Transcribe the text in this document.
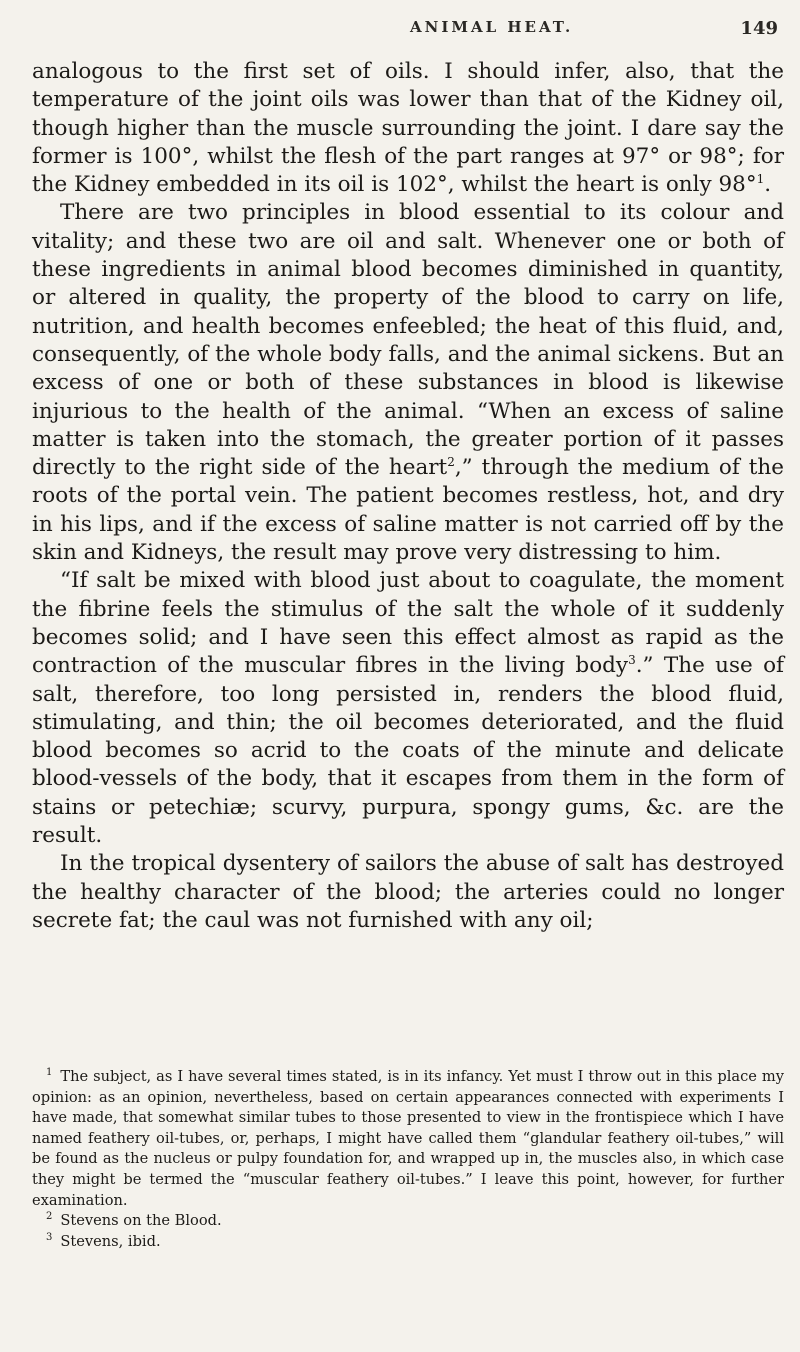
ANIMAL HEAT.	149

analogous to the first set of oils. I should infer, also, that the temperature of the joint oils was lower than that of the Kidney oil, though higher than the muscle surrounding the joint. I dare say the former is 100°, whilst the flesh of the part ranges at 97° or 98°; for the Kidney embedded in its oil is 102°, whilst the heart is only 98°$^1$.

There are two principles in blood essential to its colour and vitality; and these two are oil and salt. Whenever one or both of these ingredients in animal blood becomes diminished in quantity, or altered in quality, the property of the blood to carry on life, nutrition, and health becomes enfeebled; the heat of this fluid, and, consequently, of the whole body falls, and the animal sickens. But an excess of one or both of these substances in blood is likewise injurious to the health of the animal. “When an excess of saline matter is taken into the stomach, the greater portion of it passes directly to the right side of the heart$^2$,” through the medium of the roots of the portal vein. The patient becomes restless, hot, and dry in his lips, and if the excess of saline matter is not carried off by the skin and Kidneys, the result may prove very distressing to him.

“If salt be mixed with blood just about to coagulate, the moment the fibrine feels the stimulus of the salt the whole of it suddenly becomes solid; and I have seen this effect almost as rapid as the contraction of the muscular fibres in the living body$^3$.” The use of salt, therefore, too long persisted in, renders the blood fluid, stimulating, and thin; the oil becomes deteriorated, and the fluid blood becomes so acrid to the coats of the minute and delicate blood-vessels of the body, that it escapes from them in the form of stains or petechiæ; scurvy, purpura, spongy gums, &c. are the result.

In the tropical dysentery of sailors the abuse of salt has destroyed the healthy character of the blood; the arteries could no longer secrete fat; the caul was not furnished with any oil;

$^1$ The subject, as I have several times stated, is in its infancy. Yet must I throw out in this place my opinion: as an opinion, nevertheless, based on certain appearances connected with experiments I have made, that somewhat similar tubes to those presented to view in the frontispiece which I have named feathery oil-tubes, or, perhaps, I might have called them “glandular feathery oil-tubes,” will be found as the nucleus or pulpy foundation for, and wrapped up in, the muscles also, in which case they might be termed the “muscular feathery oil-tubes.” I leave this point, however, for further examination.

$^2$ Stevens on the Blood.

$^3$ Stevens, ibid.
